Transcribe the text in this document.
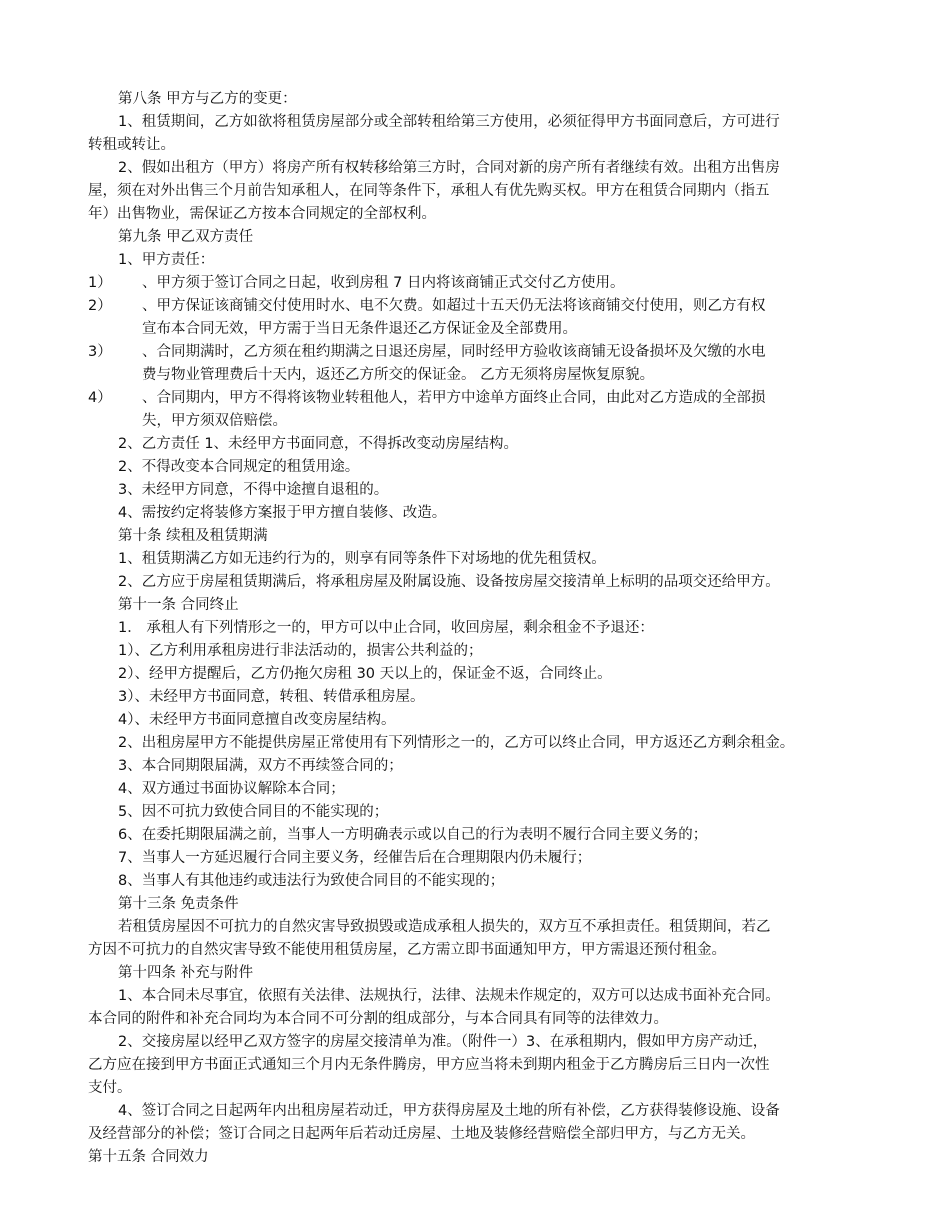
第八条 甲方与乙方的变更：
1、租赁期间，乙方如欲将租赁房屋部分或全部转租给第三方使用，必须征得甲方书面同意后，方可进行
转租或转让。
2、假如出租方（甲方）将房产所有权转移给第三方时，合同对新的房产所有者继续有效。出租方出售房
屋，须在对外出售三个月前告知承租人，在同等条件下，承租人有优先购买权。甲方在租赁合同期内（指五
年）出售物业，需保证乙方按本合同规定的全部权利。
第九条 甲乙双方责任
1、甲方责任：
1）	、甲方须于签订合同之日起，收到房租 7 日内将该商铺正式交付乙方使用。
2）	、甲方保证该商铺交付使用时水、电不欠费。如超过十五天仍无法将该商铺交付使用，则乙方有权
宣布本合同无效，甲方需于当日无条件退还乙方保证金及全部费用。
3）	、合同期满时，乙方须在租约期满之日退还房屋，同时经甲方验收该商铺无设备损坏及欠缴的水电
费与物业管理费后十天内，返还乙方所交的保证金。 乙方无须将房屋恢复原貌。
4）	、合同期内，甲方不得将该物业转租他人，若甲方中途单方面终止合同，由此对乙方造成的全部损
失，甲方须双倍赔偿。
2、乙方责任 1、未经甲方书面同意，不得拆改变动房屋结构。
2、不得改变本合同规定的租赁用途。
3、未经甲方同意，不得中途擅自退租的。
4、需按约定将装修方案报于甲方擅自装修、改造。
第十条 续租及租赁期满
1、租赁期满乙方如无违约行为的，则享有同等条件下对场地的优先租赁权。
2、乙方应于房屋租赁期满后，将承租房屋及附属设施、设备按房屋交接清单上标明的品项交还给甲方。
第十一条 合同终止
1． 承租人有下列情形之一的，甲方可以中止合同，收回房屋，剩余租金不予退还：
1）、乙方利用承租房进行非法活动的，损害公共利益的；
2）、经甲方提醒后，乙方仍拖欠房租 30 天以上的，保证金不返，合同终止。
3）、未经甲方书面同意，转租、转借承租房屋。
4）、未经甲方书面同意擅自改变房屋结构。
2、出租房屋甲方不能提供房屋正常使用有下列情形之一的，乙方可以终止合同，甲方返还乙方剩余租金。
3、本合同期限届满，双方不再续签合同的；
4、双方通过书面协议解除本合同；
5、因不可抗力致使合同目的不能实现的；
6、在委托期限届满之前，当事人一方明确表示或以自己的行为表明不履行合同主要义务的；
7、当事人一方延迟履行合同主要义务，经催告后在合理期限内仍未履行；
8、当事人有其他违约或违法行为致使合同目的不能实现的；
第十三条 免责条件
若租赁房屋因不可抗力的自然灾害导致损毁或造成承租人损失的，双方互不承担责任。租赁期间，若乙
方因不可抗力的自然灾害导致不能使用租赁房屋，乙方需立即书面通知甲方，甲方需退还预付租金。
第十四条 补充与附件
1、本合同未尽事宜，依照有关法律、法规执行，法律、法规未作规定的，双方可以达成书面补充合同。
本合同的附件和补充合同均为本合同不可分割的组成部分，与本合同具有同等的法律效力。
2、交接房屋以经甲乙双方签字的房屋交接清单为准。（附件一）3、在承租期内，假如甲方房产动迁，
乙方应在接到甲方书面正式通知三个月内无条件腾房，甲方应当将未到期内租金于乙方腾房后三日内一次性
支付。
4、签订合同之日起两年内出租房屋若动迁，甲方获得房屋及土地的所有补偿，乙方获得装修设施、设备
及经营部分的补偿；签订合同之日起两年后若动迁房屋、土地及装修经营赔偿全部归甲方，与乙方无关。
第十五条 合同效力
